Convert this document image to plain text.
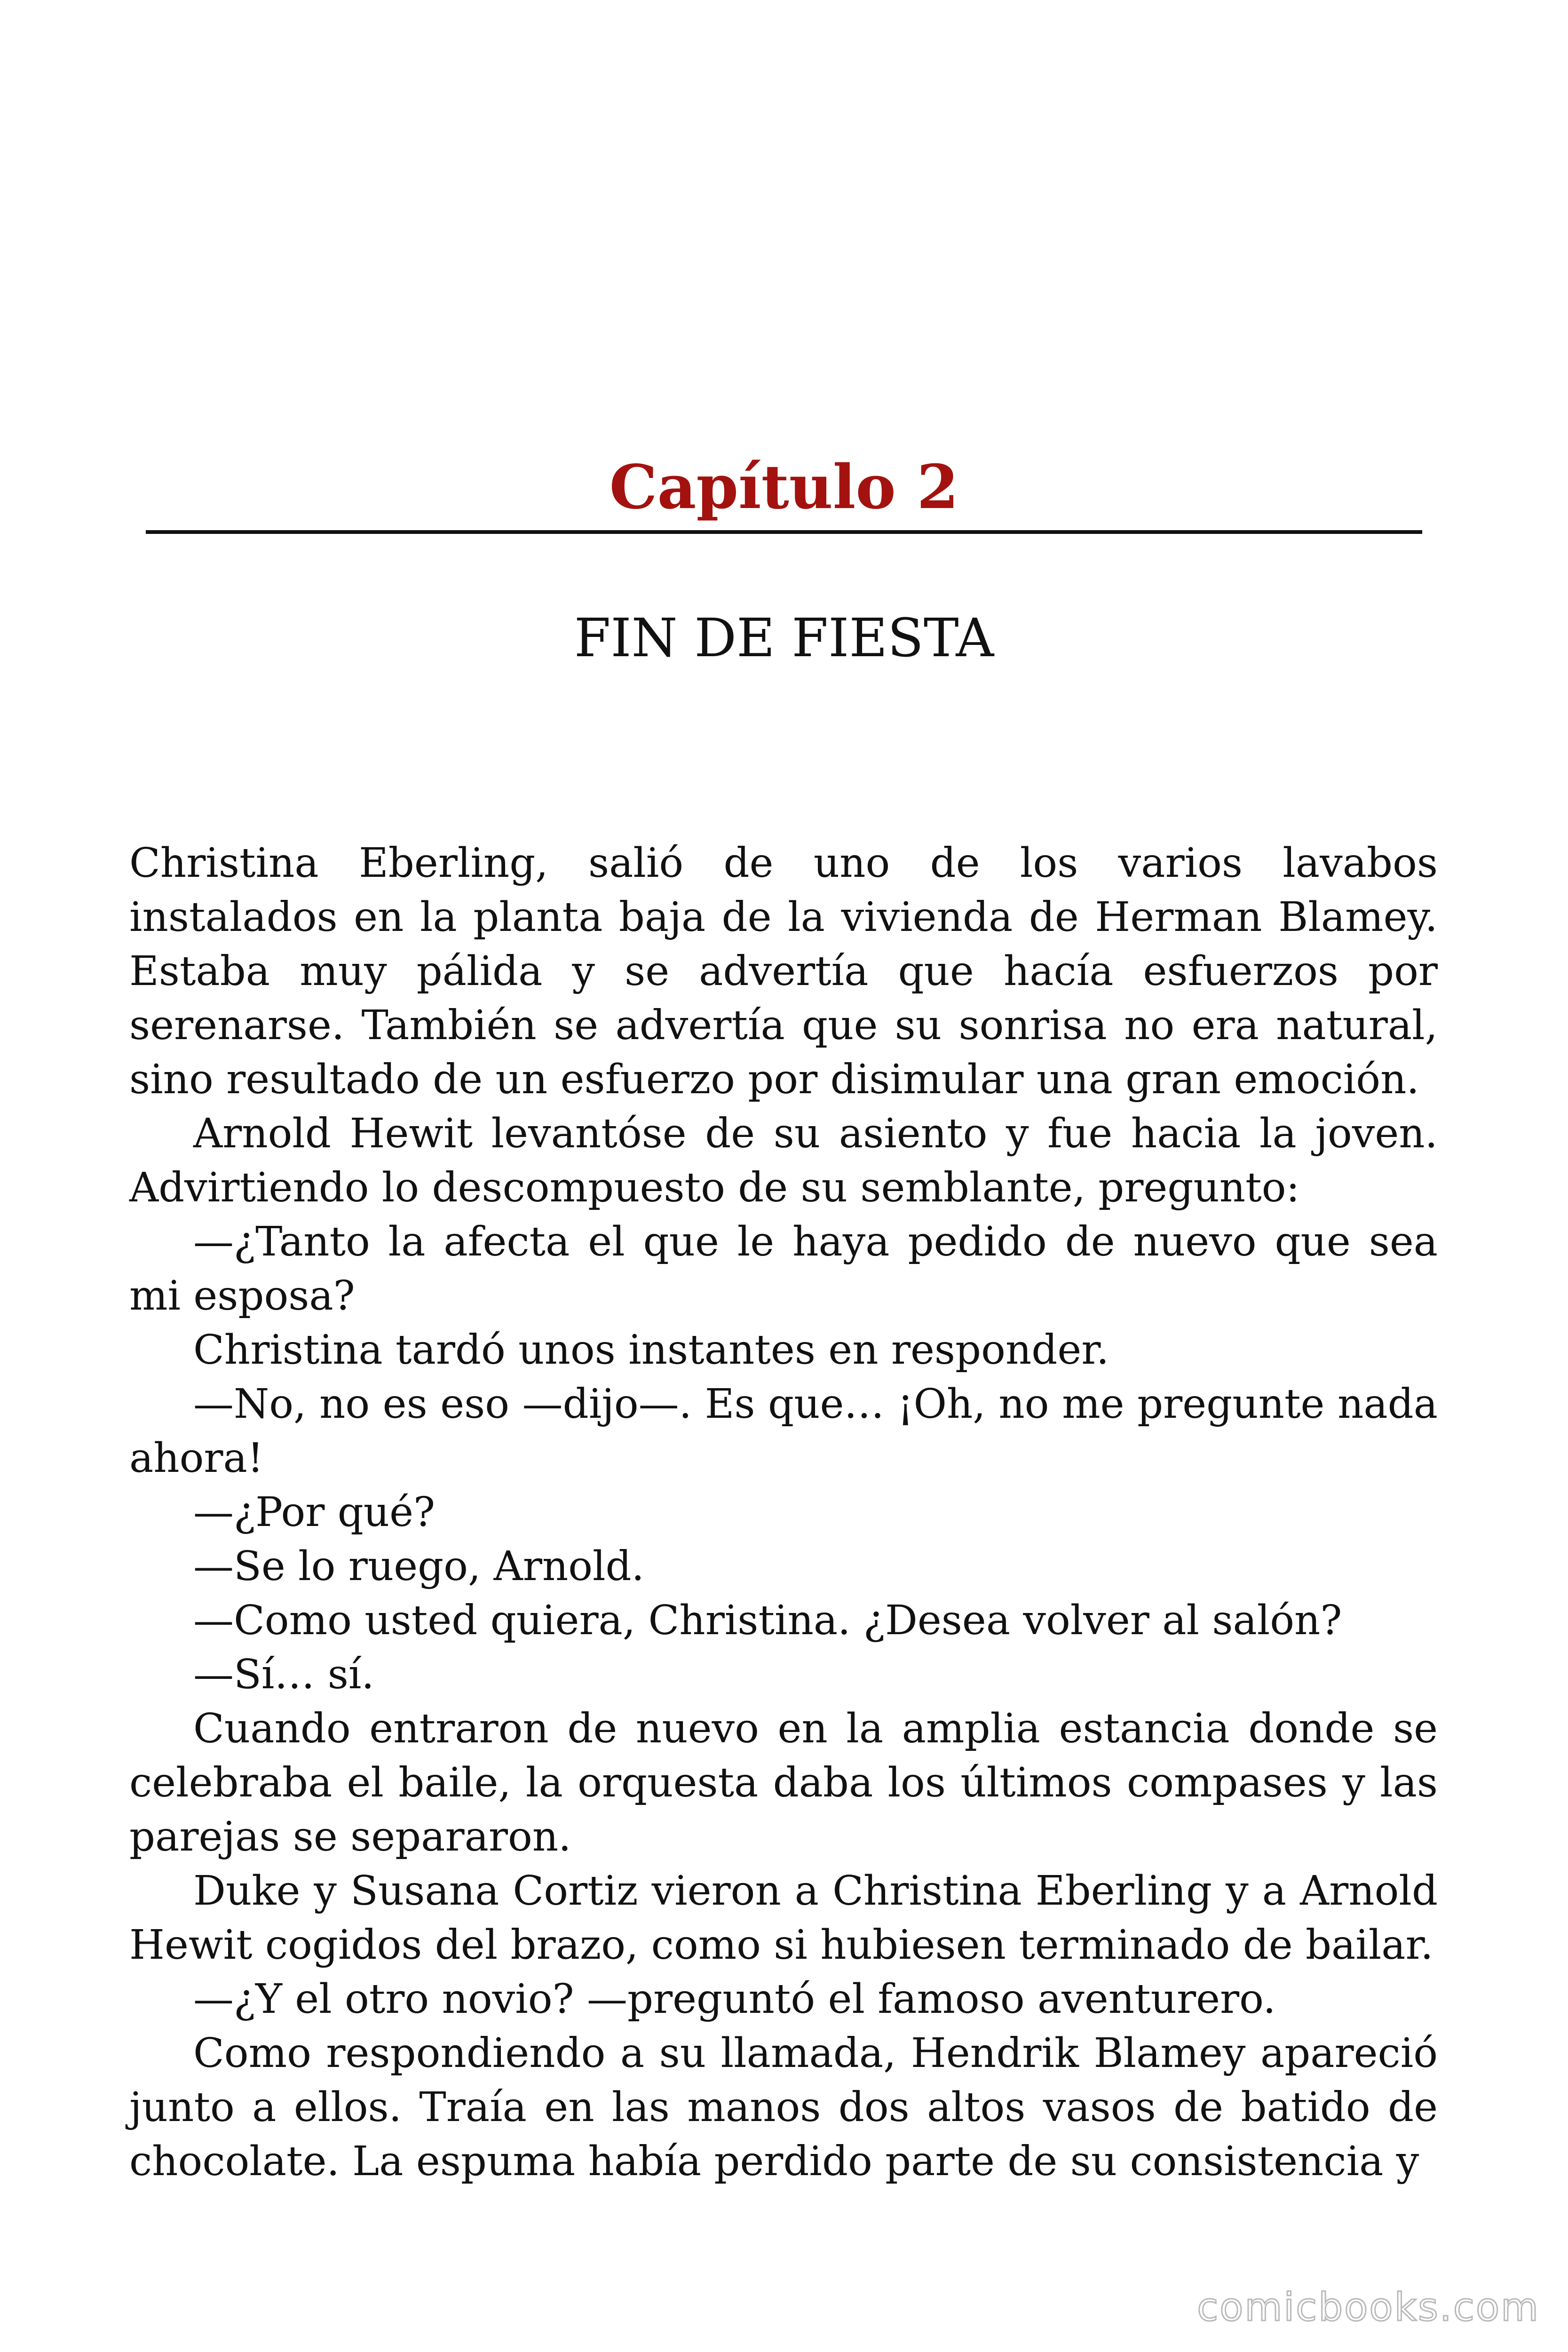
Capítulo 2
FIN DE FIESTA

Christina Eberling, salió de uno de los varios lavabos instalados en la planta baja de la vivienda de Herman Blamey. Estaba muy pálida y se advertía que hacía esfuerzos por serenarse. También se advertía que su sonrisa no era natural, sino resultado de un esfuerzo por disimular una gran emoción.

Arnold Hewit levantóse de su asiento y fue hacia la joven. Advirtiendo lo descompuesto de su semblante, pregunto:

—¿Tanto la afecta el que le haya pedido de nuevo que sea mi esposa?

Christina tardó unos instantes en responder.

—No, no es eso —dijo—. Es que… ¡Oh, no me pregunte nada ahora!

—¿Por qué?

—Se lo ruego, Arnold.

—Como usted quiera, Christina. ¿Desea volver al salón?

—Sí… sí.

Cuando entraron de nuevo en la amplia estancia donde se celebraba el baile, la orquesta daba los últimos compases y las parejas se separaron.

Duke y Susana Cortiz vieron a Christina Eberling y a Arnold Hewit cogidos del brazo, como si hubiesen terminado de bailar.

—¿Y el otro novio? —preguntó el famoso aventurero.

Como respondiendo a su llamada, Hendrik Blamey apareció junto a ellos. Traía en las manos dos altos vasos de batido de chocolate. La espuma había perdido parte de su consistencia y

comicbooks.com
